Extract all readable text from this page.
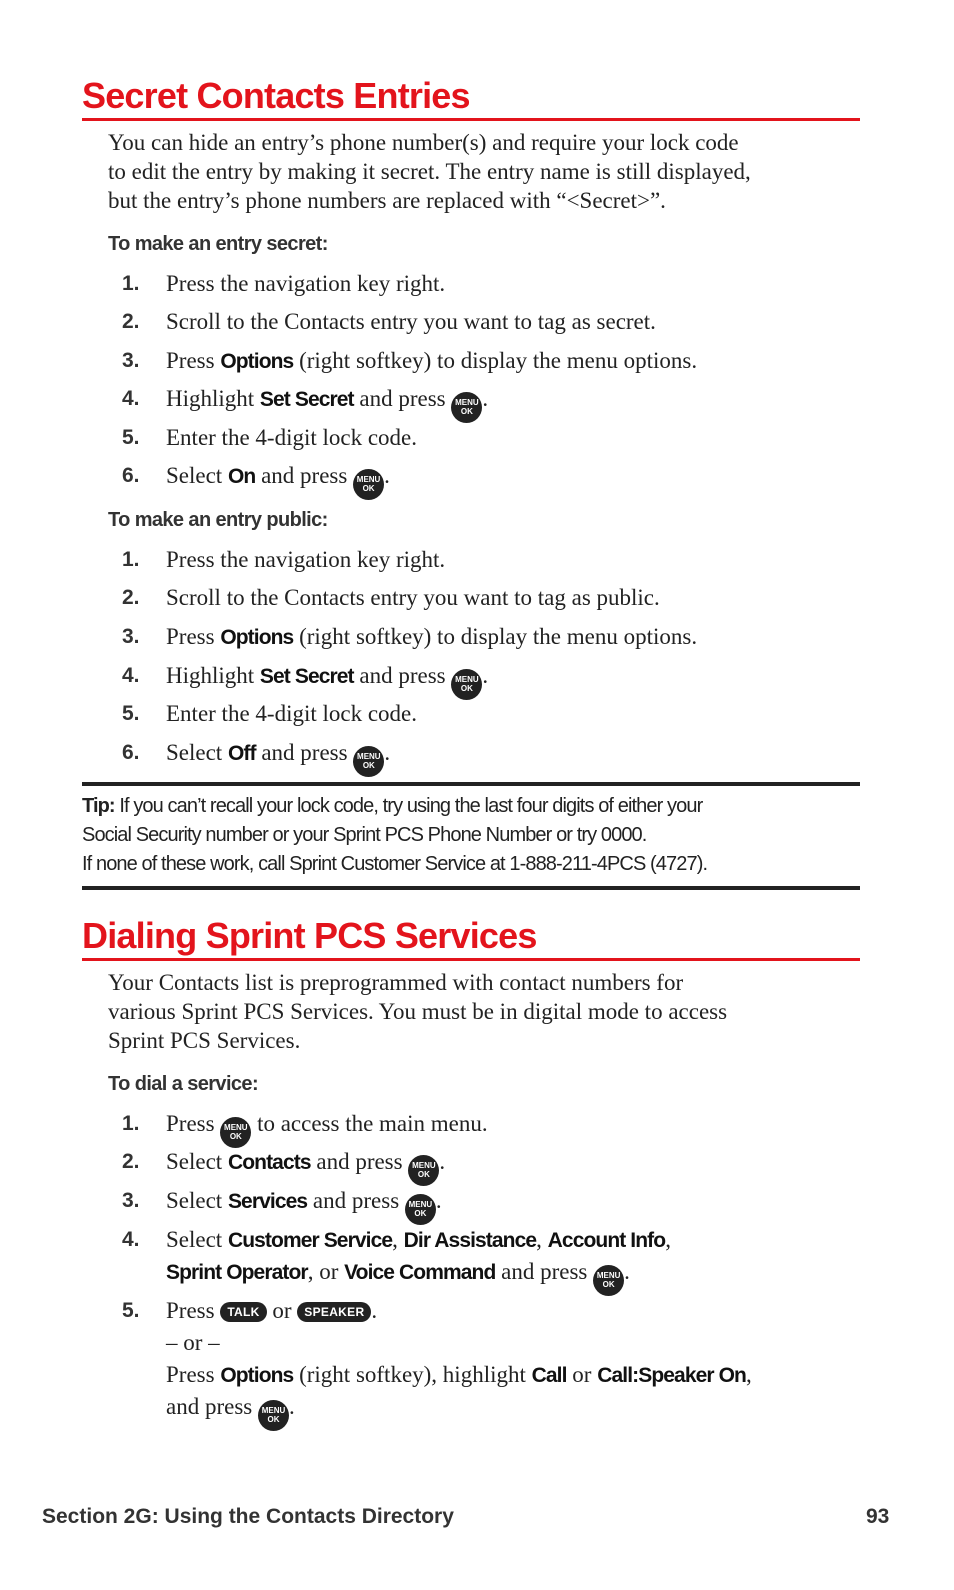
Secret Contacts Entries
You can hide an entry’s phone number(s) and require your lock code
to edit the entry by making it secret. The entry name is still displayed,
but the entry’s phone numbers are replaced with “<Secret>”.
To make an entry secret:
1.	Press the navigation key right.
2.	Scroll to the Contacts entry you want to tag as secret.
3.	Press Options (right softkey) to display the menu options.
4.	Highlight Set Secret and press MENU
OK
.
5.	Enter the 4-digit lock code.
6.	Select On and press MENU
OK
.
To make an entry public:
1.	Press the navigation key right.
2.	Scroll to the Contacts entry you want to tag as public.
3.	Press Options (right softkey) to display the menu options.
4.	Highlight Set Secret and press MENU
OK
.
5.	Enter the 4-digit lock code.
6.	Select Off and press MENU
OK
.
Tip: If you can’t recall your lock code, try using the last four digits of either your
Social Security number or your Sprint PCS Phone Number or try 0000.
If none of these work, call Sprint Customer Service at 1-888-211-4PCS (4727).
Dialing Sprint PCS Services
Your Contacts list is preprogrammed with contact numbers for
various Sprint PCS Services. You must be in digital mode to access
Sprint PCS Services.
To dial a service:
1.	Press MENU
OK
to access the main menu.
2.	Select Contacts and press MENU
OK
.
3.	Select Services and press MENU
OK
.
4.	Select Customer Service, Dir Assistance, Account Info,
Sprint Operator, or Voice Command and press MENU
OK
.
5.	Press TALK or SPEAKER .
– or –
Press Options (right softkey), highlight Call or Call:Speaker On,
and press MENU
OK
.
Section 2G: Using the Contacts Directory	93
